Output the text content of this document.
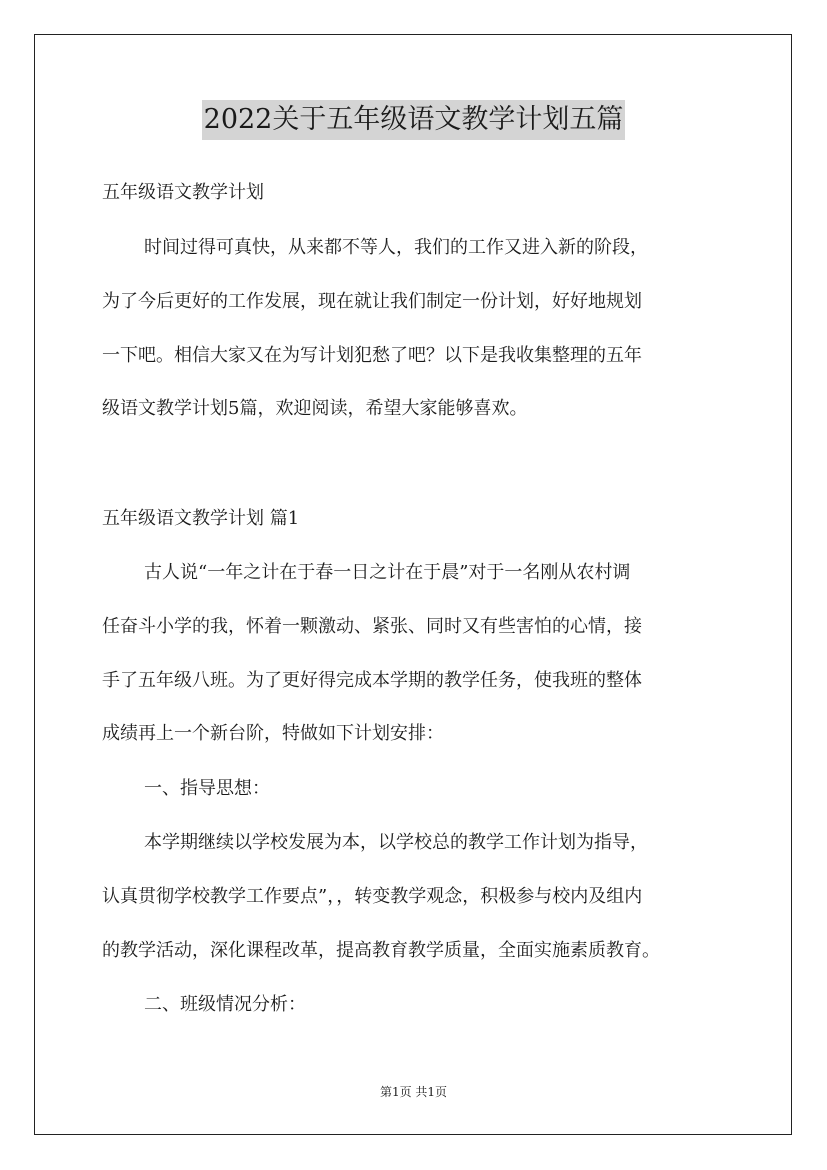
2022关于五年级语文教学计划五篇
五年级语文教学计划
时间过得可真快，从来都不等人，我们的工作又进入新的阶段，
为了今后更好的工作发展，现在就让我们制定一份计划，好好地规划
一下吧。相信大家又在为写计划犯愁了吧？以下是我收集整理的五年
级语文教学计划5篇，欢迎阅读，希望大家能够喜欢。
五年级语文教学计划 篇1
古人说“一年之计在于春一日之计在于晨”对于一名刚从农村调
任奋斗小学的我，怀着一颗激动、紧张、同时又有些害怕的心情，接
手了五年级八班。为了更好得完成本学期的教学任务，使我班的整体
成绩再上一个新台阶，特做如下计划安排：
一、指导思想：
本学期继续以学校发展为本，以学校总的教学工作计划为指导，
认真贯彻学校教学工作要点”，，转变教学观念，积极参与校内及组内
的教学活动，深化课程改革，提高教育教学质量，全面实施素质教育。
二、班级情况分析：
第1页 共1页
